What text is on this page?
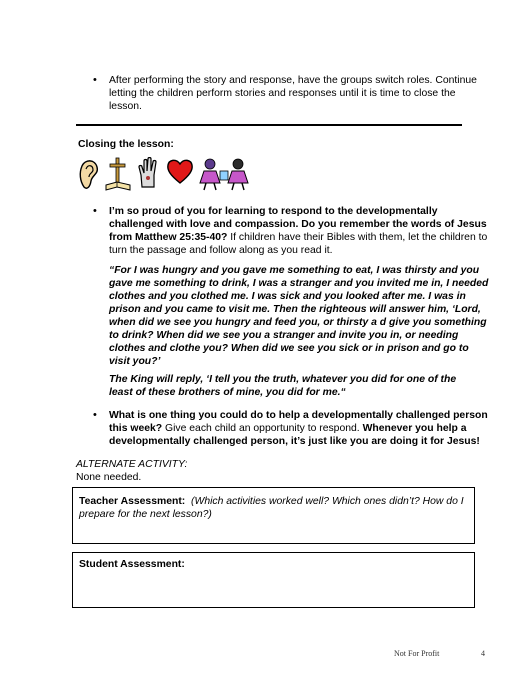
• After performing the story and response, have the groups switch roles. Continue letting the children perform stories and responses until it is time to close the lesson.
Closing the lesson:
• I’m so proud of you for learning to respond to the developmentally challenged with love and compassion. Do you remember the words of Jesus from Matthew 25:35-40? If children have their Bibles with them, let the children to turn the passage and follow along as you read it.
“For I was hungry and you gave me something to eat, I was thirsty and you gave me something to drink, I was a stranger and you invited me in, I needed clothes and you clothed me. I was sick and you looked after me. I was in prison and you came to visit me. Then the righteous will answer him, ‘Lord, when did we see you hungry and feed you, or thirsty a d give you something to drink? When did we see you a stranger and invite you in, or needing clothes and clothe you? When did we see you sick or in prison and go to visit you?’
The King will reply, ‘I tell you the truth, whatever you did for one of the least of these brothers of mine, you did for me.“
• What is one thing you could do to help a developmentally challenged person this week? Give each child an opportunity to respond. Whenever you help a developmentally challenged person, it’s just like you are doing it for Jesus!
ALTERNATE ACTIVITY:
None needed.
Teacher Assessment: (Which activities worked well? Which ones didn’t? How do I prepare for the next lesson?)
Student Assessment:
Not For Profit	4
